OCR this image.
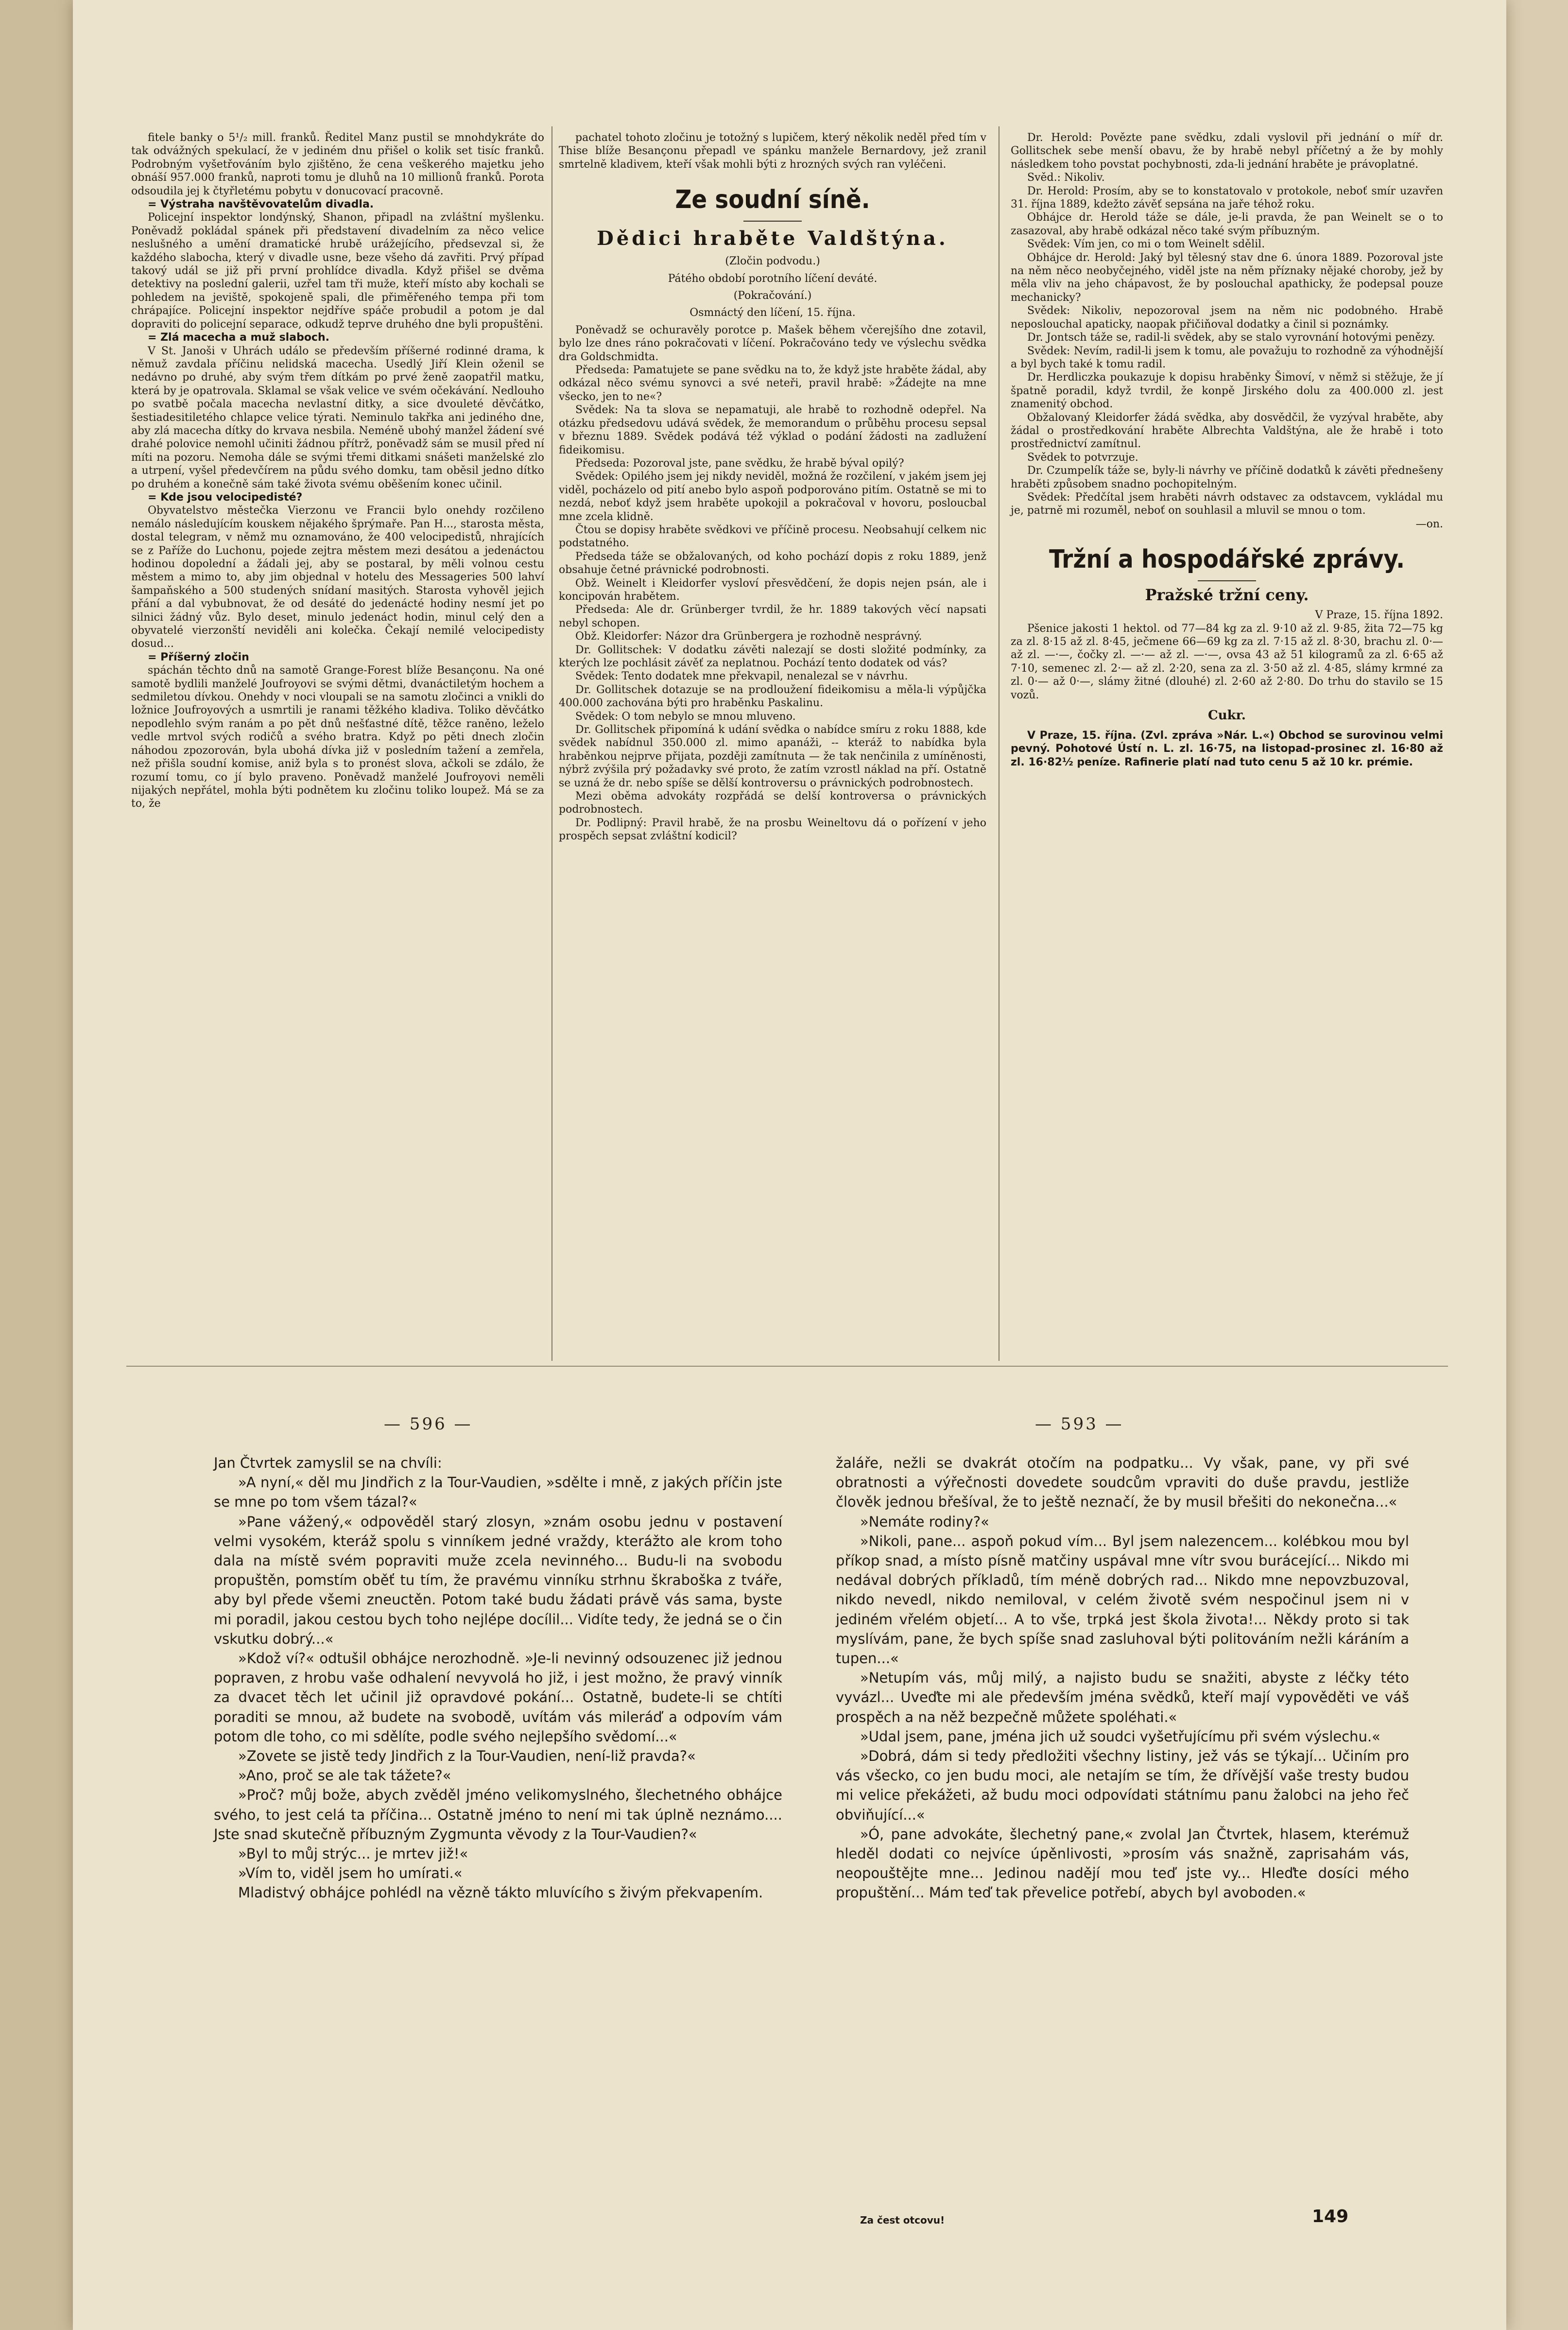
fitele banky o 5¹/₂ mill. franků. Ředitel Manz pustil se mnohdykráte do tak odvážných spekulací, že v jediném dnu přišel o kolik set tisíc franků. Podrobným vyšetřováním bylo zjištěno, že cena veškerého majetku jeho obnáší 957.000 franků, naproti tomu je dluhů na 10 millionů franků. Porota odsoudila jej k čtyřletému pobytu v donucovací pracovně.

= Výstraha navštěvovatelům divadla.

Policejní inspektor londýnský, Shanon, připadl na zvláštní myšlenku. Poněvadž pokládal spánek při představení divadelním za něco velice neslušného a umění dramatické hrubě urážejícího, předsevzal si, že každého slabocha, který v divadle usne, beze všeho dá zavřiti. Prvý případ takový udál se již při první prohlídce divadla. Když přišel se dvěma detektivy na poslední galerii, uzřel tam tři muže, kteří místo aby kochali se pohledem na jeviště, spokojeně spali, dle přiměřeného tempa při tom chrápajíce. Policejní inspektor nejdříve spáče probudil a potom je dal dopraviti do policejní separace, odkudž teprve druhého dne byli propuštěni.

= Zlá macecha a muž slaboch.

V St. Janoši v Uhrách událo se především příšerné rodinné drama, k němuž zavdala příčinu nelidská macecha. Usedlý Jiří Klein oženil se nedávno po druhé, aby svým třem dítkám po prvé ženě zaopatřil matku, která by je opatrovala. Sklamal se však velice ve svém očekávání. Nedlouho po svatbě počala macecha nevlastní ditky, a sice dvouleté děvčátko, šestiadesitiletého chlapce velice týrati. Neminulo takřka ani jediného dne, aby zlá macecha dítky do krvava nesbila. Neméně ubohý manžel žádení své drahé polovice nemohl učiniti žádnou přítrž, poněvadž sám se musil před ní míti na pozoru. Nemoha dále se svými třemi ditkami snášeti manželské zlo a utrpení, vyšel předevčírem na půdu svého domku, tam oběsil jedno dítko po druhém a konečně sám také života svému oběšením konec učinil.

= Kde jsou velocipedisté?

Obyvatelstvo městečka Vierzonu ve Francii bylo onehdy rozčileno nemálo následujícím kouskem nějakého šprýmaře. Pan H..., starosta města, dostal telegram, v němž mu oznamováno, že 400 velocipedistů, nhrajících se z Paříže do Luchonu, pojede zejtra městem mezi desátou a jedenáctou hodinou dopolední a žádali jej, aby se postaral, by měli volnou cestu městem a mimo to, aby jim objednal v hotelu des Messageries 500 lahví šampaňského a 500 studených snídaní masitých. Starosta vyhověl jejich přání a dal vybubnovat, že od desáté do jedenácté hodiny nesmí jet po silnici žádný vůz. Bylo deset, minulo jedenáct hodin, minul celý den a obyvatelé vierzonští neviděli ani kolečka. Čekají nemilé velocipedisty dosud...

= Příšerný zločin

spáchán těchto dnů na samotě Grange-Forest blíže Besançonu. Na oné samotě bydlili manželé Joufroyovi se svými dětmi, dvanáctiletým hochem a sedmiletou dívkou. Onehdy v noci vloupali se na samotu zločinci a vnikli do ložnice Joufroyových a usmrtili je ranami těžkého kladiva. Toliko děvčátko nepodlehlo svým ranám a po pět dnů nešťastné dítě, těžce raněno, leželo vedle mrtvol svých rodičů a svého bratra. Když po pěti dnech zločin náhodou zpozorován, byla ubohá dívka již v posledním tažení a zemřela, než přišla soudní komise, aniž byla s to pronést slova, ačkoli se zdálo, že rozumí tomu, co jí bylo praveno. Poněvadž manželé Joufroyovi neměli nijakých nepřátel, mohla býti podnětem ku zločinu toliko loupež. Má se za to, že

pachatel tohoto zločinu je totožný s lupičem, který několik neděl před tím v Thise blíže Besançonu přepadl ve spánku manžele Bernardovy, jež zranil smrtelně kladivem, kteří však mohli býti z hrozných svých ran vyléčeni.

Ze soudní síně.
Dědici hraběte Valdštýna.

(Zločin podvodu.)

Pátého období porotního líčení deváté.

(Pokračování.)

Osmnáctý den líčení, 15. října.

Poněvadž se ochuravěly porotce p. Mašek během včerejšího dne zotavil, bylo lze dnes ráno pokračovati v líčení. Pokračováno tedy ve výslechu svědka dra Goldschmidta.

Předseda: Pamatujete se pane svědku na to, že když jste hraběte žádal, aby odkázal něco svému synovci a své neteři, pravil hrabě: »Žádejte na mne všecko, jen to ne«?

Svědek: Na ta slova se nepamatuji, ale hrabě to rozhodně odepřel. Na otázku předsedovu udává svědek, že memorandum o průběhu procesu sepsal v březnu 1889. Svědek podává též výklad o podání žádosti na zadlužení fideikomisu.

Předseda: Pozoroval jste, pane svědku, že hrabě býval opilý?

Svědek: Opilého jsem jej nikdy neviděl, možná že rozčilení, v jakém jsem jej viděl, pocházelo od pití anebo bylo aspoň podporováno pitím. Ostatně se mi to nezdá, neboť když jsem hraběte upokojil a pokračoval v hovoru, posloucbal mne zcela klidně.

Čtou se dopisy hraběte svědkovi ve příčině procesu. Neobsahují celkem nic podstatného.

Předseda táže se obžalovaných, od koho pochází dopis z roku 1889, jenž obsahuje četné právnické podrobnosti.

Obž. Weinelt i Kleidorfer vysloví přesvědčení, že dopis nejen psán, ale i koncipován hrabětem.

Předseda: Ale dr. Grünberger tvrdil, že hr. 1889 takových věcí napsati nebyl schopen.

Obž. Kleidorfer: Názor dra Grünbergera je rozhodně nesprávný.

Dr. Gollitschek: V dodatku závěti nalezají se dosti složité podmínky, za kterých lze pochlásit závěť za neplatnou. Pochází tento dodatek od vás?

Svědek: Tento dodatek mne překvapil, nenalezal se v návrhu.

Dr. Gollitschek dotazuje se na prodloužení fideikomisu a měla-li výpůjčka 400.000 zachována býti pro hraběnku Paskalinu.

Svědek: O tom nebylo se mnou mluveno.

Dr. Gollitschek připomíná k udání svědka o nabídce smíru z roku 1888, kde svědek nabídnul 350.000 zl. mimo apanáži, -- kteráž to nabídka byla hraběnkou nejprve přijata, později zamítnuta — že tak nenčinila z umíněnosti, nýbrž zvýšila prý požadavky své proto, že zatím vzrostl náklad na pří. Ostatně se uzná že dr. nebo spíše se dělší kontroversu o právnických podrobnostech.

Mezi oběma advokáty rozpřádá se delší kontroversa o právnických podrobnostech.

Dr. Podlipný: Pravil hrabě, že na prosbu Weineltovu dá o pořízení v jeho prospěch sepsat zvláštní kodicil?

Dr. Herold: Povězte pane svědku, zdali vyslovil při jednání o míř dr. Gollitschek sebe menší obavu, že by hrabě nebyl příčetný a že by mohly následkem toho povstat pochybnosti, zda-li jednání hraběte je právoplatné.

Svěd.: Nikoliv.

Dr. Herold: Prosím, aby se to konstatovalo v protokole, neboť smír uzavřen 31. října 1889, kdežto závěť sepsána na jaře téhož roku.

Obhájce dr. Herold táže se dále, je-li pravda, že pan Weinelt se o to zasazoval, aby hrabě odkázal něco také svým příbuzným.

Svědek: Vím jen, co mi o tom Weinelt sdělil.

Obhájce dr. Herold: Jaký byl tělesný stav dne 6. února 1889. Pozoroval jste na něm něco neobyčejného, viděl jste na něm příznaky nějaké choroby, jež by měla vliv na jeho chápavost, že by poslouchal apathicky, že podepsal pouze mechanicky?

Svědek: Nikoliv, nepozoroval jsem na něm nic podobného. Hrabě neposlouchal apaticky, naopak přičiňoval dodatky a činil si poznámky.

Dr. Jontsch táže se, radil-li svědek, aby se stalo vyrovnání hotovými penězy.

Svědek: Nevím, radil-li jsem k tomu, ale považuju to rozhodně za výhodnější a byl bych také k tomu radil.

Dr. Herdliczka poukazuje k dopisu hraběnky Šimoví, v němž si stěžuje, že jí špatně poradil, když tvrdil, že konpě Jirského dolu za 400.000 zl. jest znamenitý obchod.

Obžalovaný Kleidorfer žádá svědka, aby dosvědčil, že vyzýval hraběte, aby žádal o prostředkování hraběte Albrechta Valdštýna, ale že hrabě i toto prostřednictví zamítnul.

Svědek to potvrzuje.

Dr. Czumpelík táže se, byly-li návrhy ve příčině dodatků k závěti přednešeny hraběti způsobem snadno pochopitelným.

Svědek: Předčítal jsem hraběti návrh odstavec za odstavcem, vykládal mu je, patrně mi rozuměl, neboť on souhlasil a mluvil se mnou o tom.

—on.

Tržní a hospodářské zprávy.
Pražské tržní ceny.

V Praze, 15. října 1892.

Pšenice jakosti 1 hektol. od 77—84 kg za zl. 9·10 až zl. 9·85, žita 72—75 kg za zl. 8·15 až zl. 8·45, ječmene 66—69 kg za zl. 7·15 až zl. 8·30, brachu zl. 0·— až zl. —·—, čočky zl. —·— až zl. —·—, ovsa 43 až 51 kilogramů za zl. 6·65 až 7·10, semenec zl. 2·— až zl. 2·20, sena za zl. 3·50 až zl. 4·85, slámy krmné za zl. 0·— až 0·—, slámy žitné (dlouhé) zl. 2·60 až 2·80. Do trhu do stavilo se 15 vozů.

Cukr.

V Praze, 15. října. (Zvl. zpráva »Nár. L.«) Obchod se surovinou velmi pevný. Pohotové Ústí n. L. zl. 16·75, na listopad-prosinec zl. 16·80 až zl. 16·82½ peníze. Rafinerie platí nad tuto cenu 5 až 10 kr. prémie.

— 596 —	— 593 —

Jan Čtvrtek zamyslil se na chvíli:

»A nyní,« děl mu Jindřich z la Tour-Vaudien, »sdělte i mně, z jakých příčin jste se mne po tom všem tázal?«

»Pane vážený,« odpověděl starý zlosyn, »znám osobu jednu v postavení velmi vysokém, kteráž spolu s vinníkem jedné vraždy, kterážto ale krom toho dala na místě svém popraviti muže zcela nevinného... Budu-li na svobodu propuštěn, pomstím oběť tu tím, že pravému vinníku strhnu škraboška z tváře, aby byl přede všemi zneuctěn. Potom také budu žádati právě vás sama, byste mi poradil, jakou cestou bych toho nejlépe docílil... Vidíte tedy, že jedná se o čin vskutku dobrý...«

»Kdož ví?« odtušil obhájce nerozhodně. »Je-li nevinný odsouzenec již jednou popraven, z hrobu vaše odhalení nevyvolá ho již, i jest možno, že pravý vinník za dvacet těch let učinil již opravdové pokání... Ostatně, budete-li se chtíti poraditi se mnou, až budete na svobodě, uvítám vás mileráď a odpovím vám potom dle toho, co mi sdělíte, podle svého nejlepšího svědomí...«

»Zovete se jistě tedy Jindřich z la Tour-Vaudien, není-liž pravda?«

»Ano, proč se ale tak tážete?«

»Proč? můj bože, abych zvěděl jméno velikomyslného, šlechetného obhájce svého, to jest celá ta příčina... Ostatně jméno to není mi tak úplně neznámo.... Jste snad skutečně příbuzným Zygmunta věvody z la Tour-Vaudien?«

»Byl to můj strýc... je mrtev již!«

»Vím to, viděl jsem ho umírati.«

Mladistvý obhájce pohlédl na vězně tákto mluvícího s živým překvapením.

žaláře, nežli se dvakrát otočím na podpatku... Vy však, pane, vy při své obratnosti a výřečnosti dovedete soudcům vpraviti do duše pravdu, jestliže člověk jednou břešíval, že to ještě neznačí, že by musil břešiti do nekonečna...«

»Nemáte rodiny?«

»Nikoli, pane... aspoň pokud vím... Byl jsem nalezencem... kolébkou mou byl příkop snad, a místo písně matčiny uspával mne vítr svou burácející... Nikdo mi nedával dobrých příkladů, tím méně dobrých rad... Nikdo mne nepovzbuzoval, nikdo nevedl, nikdo nemiloval, v celém životě svém nespočinul jsem ni v jediném vřelém objetí... A to vše, trpká jest škola života!... Někdy proto si tak myslívám, pane, že bych spíše snad zasluhoval býti politováním nežli káráním a tupen...«

»Netupím vás, můj milý, a najisto budu se snažiti, abyste z léčky této vyvázl... Uveďte mi ale především jména svědků, kteří mají vypověděti ve váš prospěch a na něž bezpečně můžete spoléhati.«

»Udal jsem, pane, jména jich už soudci vyšetřujícímu při svém výslechu.«

»Dobrá, dám si tedy předložiti všechny listiny, jež vás se týkají... Učiním pro vás všecko, co jen budu moci, ale netajím se tím, že dřívější vaše tresty budou mi velice překážeti, až budu moci odpovídati státnímu panu žalobci na jeho řeč obviňující...«

»Ó, pane advokáte, šlechetný pane,« zvolal Jan Čtvrtek, hlasem, kterémuž hleděl dodati co nejvíce úpěnlivosti, »prosím vás snažně, zaprisahám vás, neopouštějte mne... Jedinou nadějí mou teď jste vy... Hleďte dosíci mého propuštění... Mám teď tak převelice potřebí, abych byl avoboden.«

Za čest otcovu!	149
